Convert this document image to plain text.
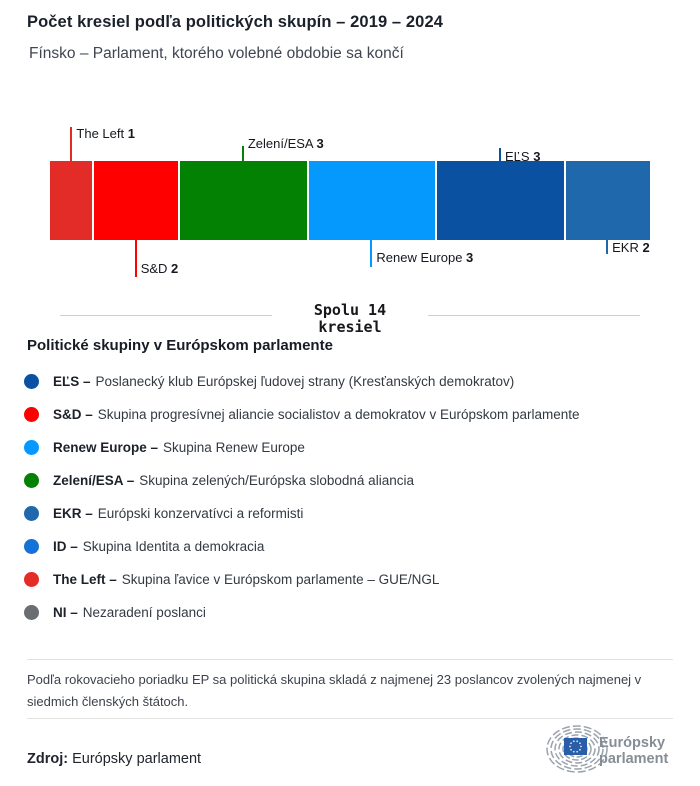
Počet kresiel podľa politických skupín – 2019 – 2024
Fínsko – Parlament, ktorého volebné obdobie sa končí
The Left 1
S&D 2
Zelení/ESA 3
Renew Europe 3
EĽS 3
EKR 2
Spolu 14
kresiel
Politické skupiny v Európskom parlamente
EĽS – Poslanecký klub Európskej ľudovej strany (Kresťanských demokratov)
S&D – Skupina progresívnej aliancie socialistov a demokratov v Európskom parlamente
Renew Europe – Skupina Renew Europe
Zelení/ESA – Skupina zelených/Európska slobodná aliancia
EKR – Európski konzervatívci a reformisti
ID – Skupina Identita a demokracia
The Left – Skupina ľavice v Európskom parlamente – GUE/NGL
NI – Nezaradení poslanci
Podľa rokovacieho poriadku EP sa politická skupina skladá z najmenej 23 poslancov zvolených najmenej v siedmich členských štátoch.
Zdroj: Európsky parlament
Európsky parlament
